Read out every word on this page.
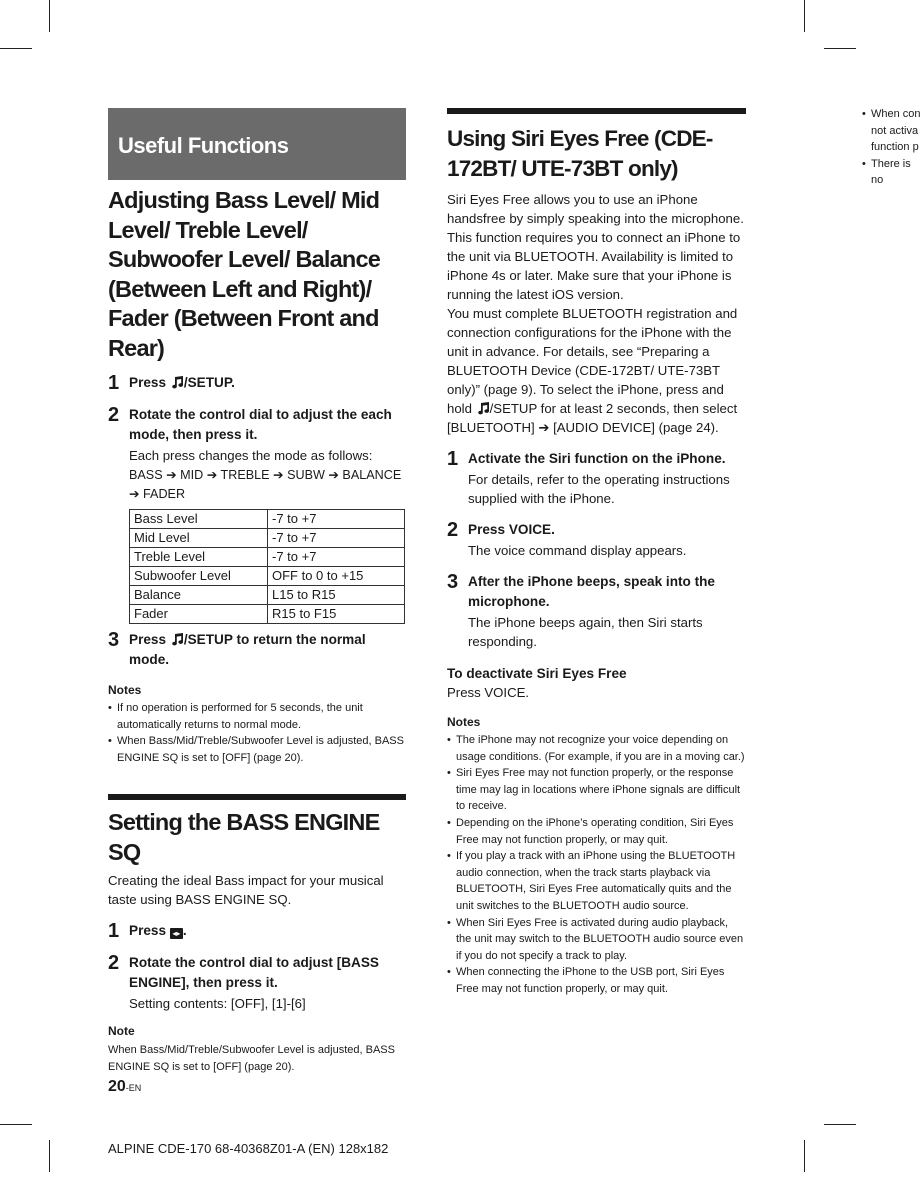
Useful Functions
Adjusting Bass Level/ Mid Level/ Treble Level/ Subwoofer Level/ Balance (Between Left and Right)/ Fader (Between Front and Rear)
1 Press /SETUP.
2 Rotate the control dial to adjust the each mode, then press it.
Each press changes the mode as follows:
BASS ➔ MID ➔ TREBLE ➔ SUBW ➔ BALANCE ➔ FADER
Bass Level	-7 to +7
Mid Level	-7 to +7
Treble Level	-7 to +7
Subwoofer Level	OFF to 0 to +15
Balance	L15 to R15
Fader	R15 to F15
3 Press /SETUP to return the normal mode.
Notes
• If no operation is performed for 5 seconds, the unit automatically returns to normal mode.
• When Bass/Mid/Treble/Subwoofer Level is adjusted, BASS ENGINE SQ is set to [OFF] (page 20).
Setting the BASS ENGINE SQ
Creating the ideal Bass impact for your musical taste using BASS ENGINE SQ.
1 Press ◂▸ .
2 Rotate the control dial to adjust [BASS ENGINE], then press it.
Setting contents: [OFF], [1]-[6]
Note
When Bass/Mid/Treble/Subwoofer Level is adjusted, BASS ENGINE SQ is set to [OFF] (page 20).
Using Siri Eyes Free (CDE-172BT/ UTE-73BT only)
Siri Eyes Free allows you to use an iPhone handsfree by simply speaking into the microphone. This function requires you to connect an iPhone to the unit via BLUETOOTH. Availability is limited to iPhone 4s or later. Make sure that your iPhone is running the latest iOS version.
You must complete BLUETOOTH registration and connection configurations for the iPhone with the unit in advance. For details, see “Preparing a BLUETOOTH Device (CDE-172BT/ UTE-73BT only)” (page 9). To select the iPhone, press and hold /SETUP for at least 2 seconds, then select [BLUETOOTH] ➔ [AUDIO DEVICE] (page 24).
1 Activate the Siri function on the iPhone.
For details, refer to the operating instructions supplied with the iPhone.
2 Press VOICE.
The voice command display appears.
3 After the iPhone beeps, speak into the microphone.
The iPhone beeps again, then Siri starts responding.
To deactivate Siri Eyes Free
Press VOICE.
Notes
• The iPhone may not recognize your voice depending on usage conditions. (For example, if you are in a moving car.)
• Siri Eyes Free may not function properly, or the response time may lag in locations where iPhone signals are difficult to receive.
• Depending on the iPhone’s operating condition, Siri Eyes Free may not function properly, or may quit.
• If you play a track with an iPhone using the BLUETOOTH audio connection, when the track starts playback via BLUETOOTH, Siri Eyes Free automatically quits and the unit switches to the BLUETOOTH audio source.
• When Siri Eyes Free is activated during audio playback, the unit may switch to the BLUETOOTH audio source even if you do not specify a track to play.
• When connecting the iPhone to the USB port, Siri Eyes Free may not function properly, or may quit.
• When con not activa function p
• There is no
20-EN
ALPINE CDE-170 68-40368Z01-A (EN) 128x182
